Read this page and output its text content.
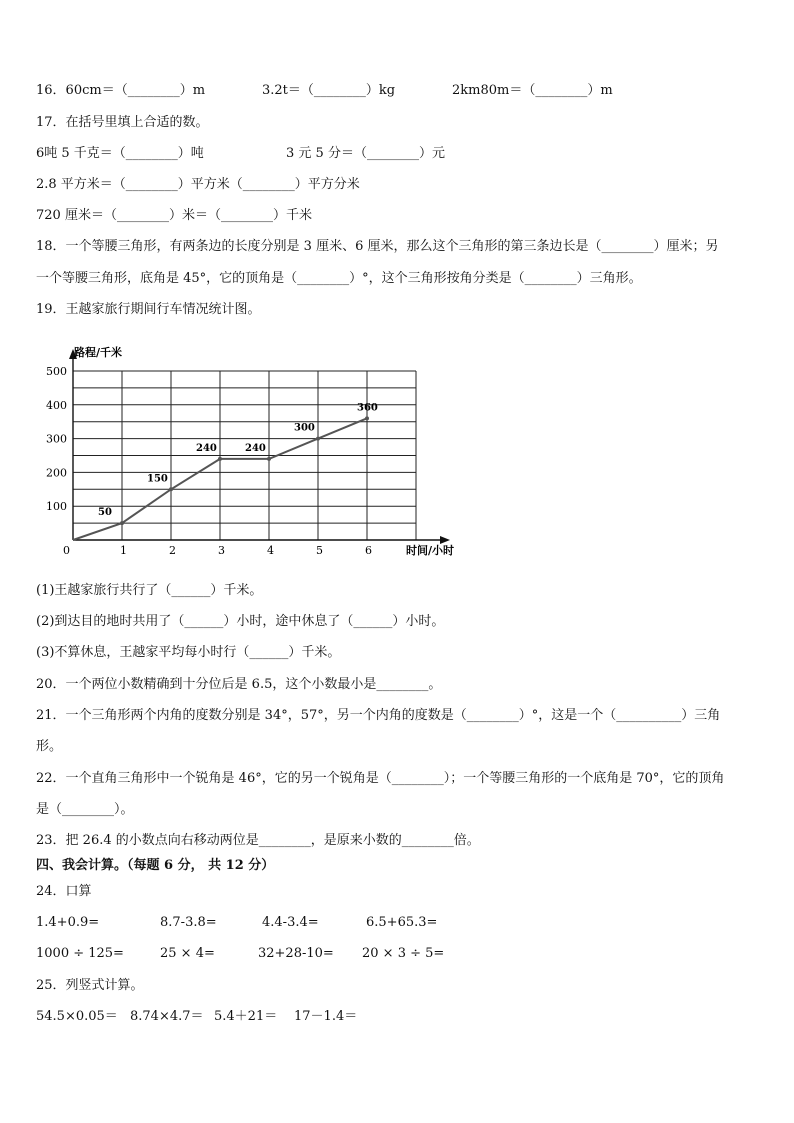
16．60cm＝（________）m	3.2t＝（________）kg	2km80m＝（________）m
17．在括号里填上合适的数。
6吨 5 千克＝（________）吨	3 元 5 分＝（________）元
2.8 平方米＝（________）平方米（________）平方分米
720 厘米＝（________）米＝（________）千米
18．一个等腰三角形，有两条边的长度分别是 3 厘米、6 厘米，那么这个三角形的第三条边长是（________）厘米；另
一个等腰三角形，底角是 45°，它的顶角是（________）°，这个三角形按角分类是（________）三角形。
19．王越家旅行期间行车情况统计图。
0	1	2	3	4	5	6
100
200
300
400
500
50
150
240	240
300
360
路程/千米
时间/小时
(1)王越家旅行共行了（______）千米。
(2)到达目的地时共用了（______）小时，途中休息了（______）小时。
(3)不算休息，王越家平均每小时行（______）千米。
20．一个两位小数精确到十分位后是 6.5，这个小数最小是________。
21．一个三角形两个内角的度数分别是 34°，57°，另一个内角的度数是（________）°，这是一个（__________）三角
形。
22．一个直角三角形中一个锐角是 46°，它的另一个锐角是（________）；一个等腰三角形的一个底角是 70°，它的顶角
是（________）。
23．把 26.4 的小数点向右移动两位是________，是原来小数的________倍。
四、我会计算。（每题 6 分， 共 12 分）
24．口算
1.4+0.9=	8.7-3.8=	4.4-3.4=	6.5+65.3=
1000 ÷ 125=	25 × 4=	32+28-10= 20 × 3 ÷ 5=
25．列竖式计算。
54.5×0.05＝ 8.74×4.7＝ 5.4＋21＝ 17－1.4＝
